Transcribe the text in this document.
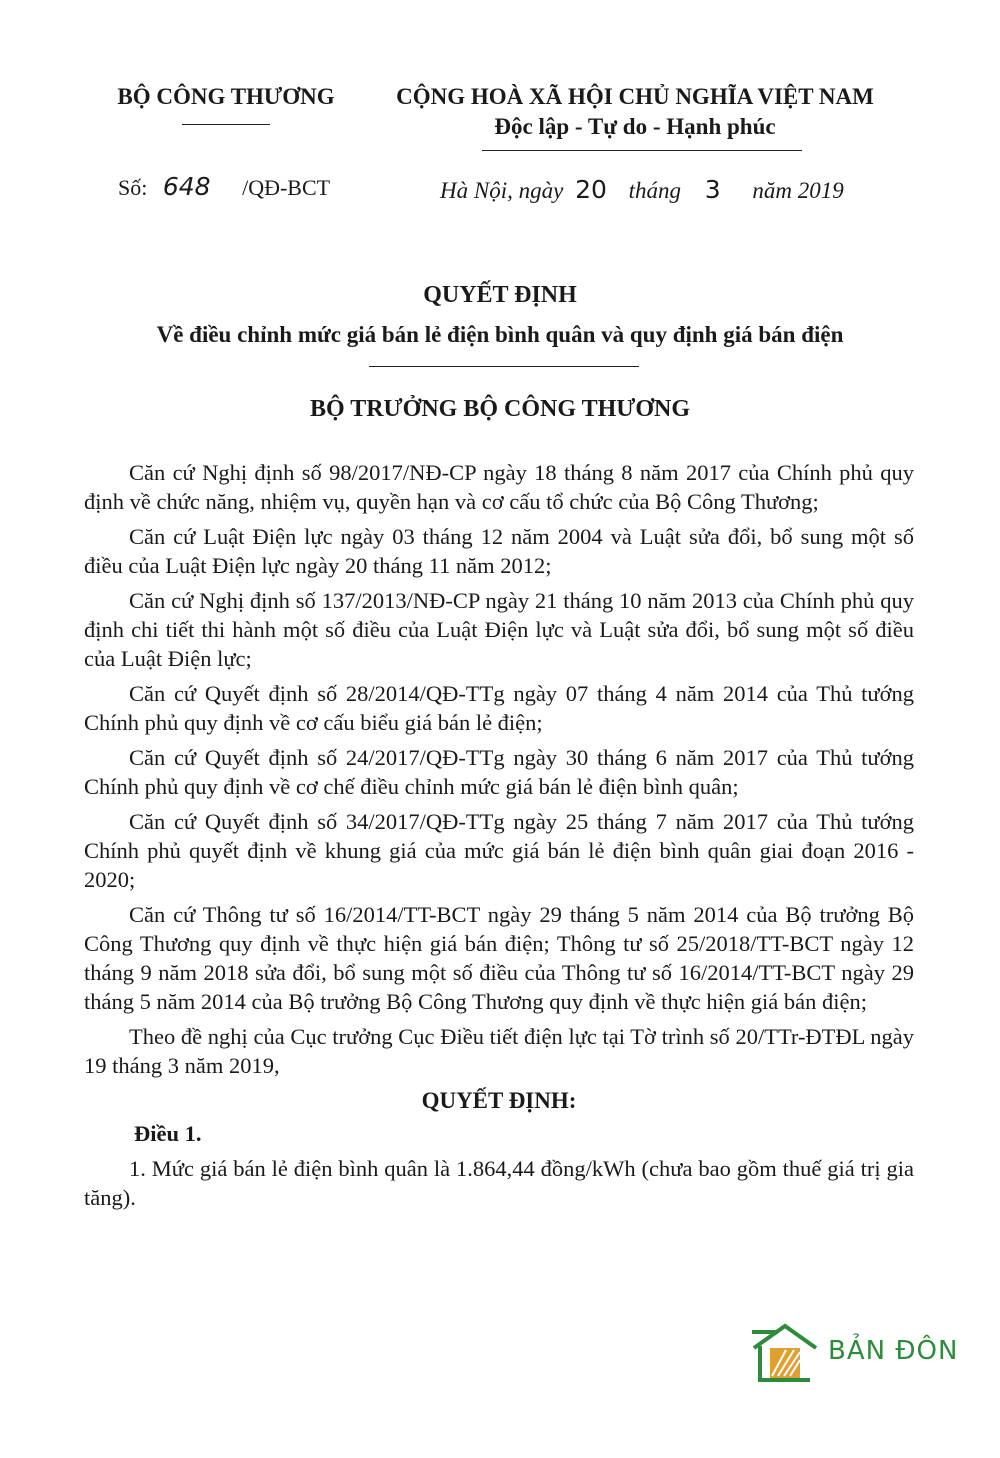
BỘ CÔNG THƯƠNG	CỘNG HOÀ XÃ HỘI CHỦ NGHĨA VIỆT NAM
Độc lập - Tự do - Hạnh phúc
Số: 648 /QĐ-BCT	Hà Nội, ngày 20 tháng 3 năm 2019
QUYẾT ĐỊNH
Về điều chỉnh mức giá bán lẻ điện bình quân và quy định giá bán điện
BỘ TRƯỞNG BỘ CÔNG THƯƠNG

Căn cứ Nghị định số 98/2017/NĐ-CP ngày 18 tháng 8 năm 2017 của Chính phủ quy định về chức năng, nhiệm vụ, quyền hạn và cơ cấu tổ chức của Bộ Công Thương;

Căn cứ Luật Điện lực ngày 03 tháng 12 năm 2004 và Luật sửa đổi, bổ sung một số điều của Luật Điện lực ngày 20 tháng 11 năm 2012;

Căn cứ Nghị định số 137/2013/NĐ-CP ngày 21 tháng 10 năm 2013 của Chính phủ quy định chi tiết thi hành một số điều của Luật Điện lực và Luật sửa đổi, bổ sung một số điều của Luật Điện lực;

Căn cứ Quyết định số 28/2014/QĐ-TTg ngày 07 tháng 4 năm 2014 của Thủ tướng Chính phủ quy định về cơ cấu biểu giá bán lẻ điện;

Căn cứ Quyết định số 24/2017/QĐ-TTg ngày 30 tháng 6 năm 2017 của Thủ tướng Chính phủ quy định về cơ chế điều chỉnh mức giá bán lẻ điện bình quân;

Căn cứ Quyết định số 34/2017/QĐ-TTg ngày 25 tháng 7 năm 2017 của Thủ tướng Chính phủ quyết định về khung giá của mức giá bán lẻ điện bình quân giai đoạn 2016 - 2020;

Căn cứ Thông tư số 16/2014/TT-BCT ngày 29 tháng 5 năm 2014 của Bộ trưởng Bộ Công Thương quy định về thực hiện giá bán điện; Thông tư số 25/2018/TT-BCT ngày 12 tháng 9 năm 2018 sửa đổi, bổ sung một số điều của Thông tư số 16/2014/TT-BCT ngày 29 tháng 5 năm 2014 của Bộ trưởng Bộ Công Thương quy định về thực hiện giá bán điện;

Theo đề nghị của Cục trưởng Cục Điều tiết điện lực tại Tờ trình số 20/TTr-ĐTĐL ngày 19 tháng 3 năm 2019,

QUYẾT ĐỊNH:
Điều 1.

1. Mức giá bán lẻ điện bình quân là 1.864,44 đồng/kWh (chưa bao gồm thuế giá trị gia tăng).

BẢN ĐÔN
